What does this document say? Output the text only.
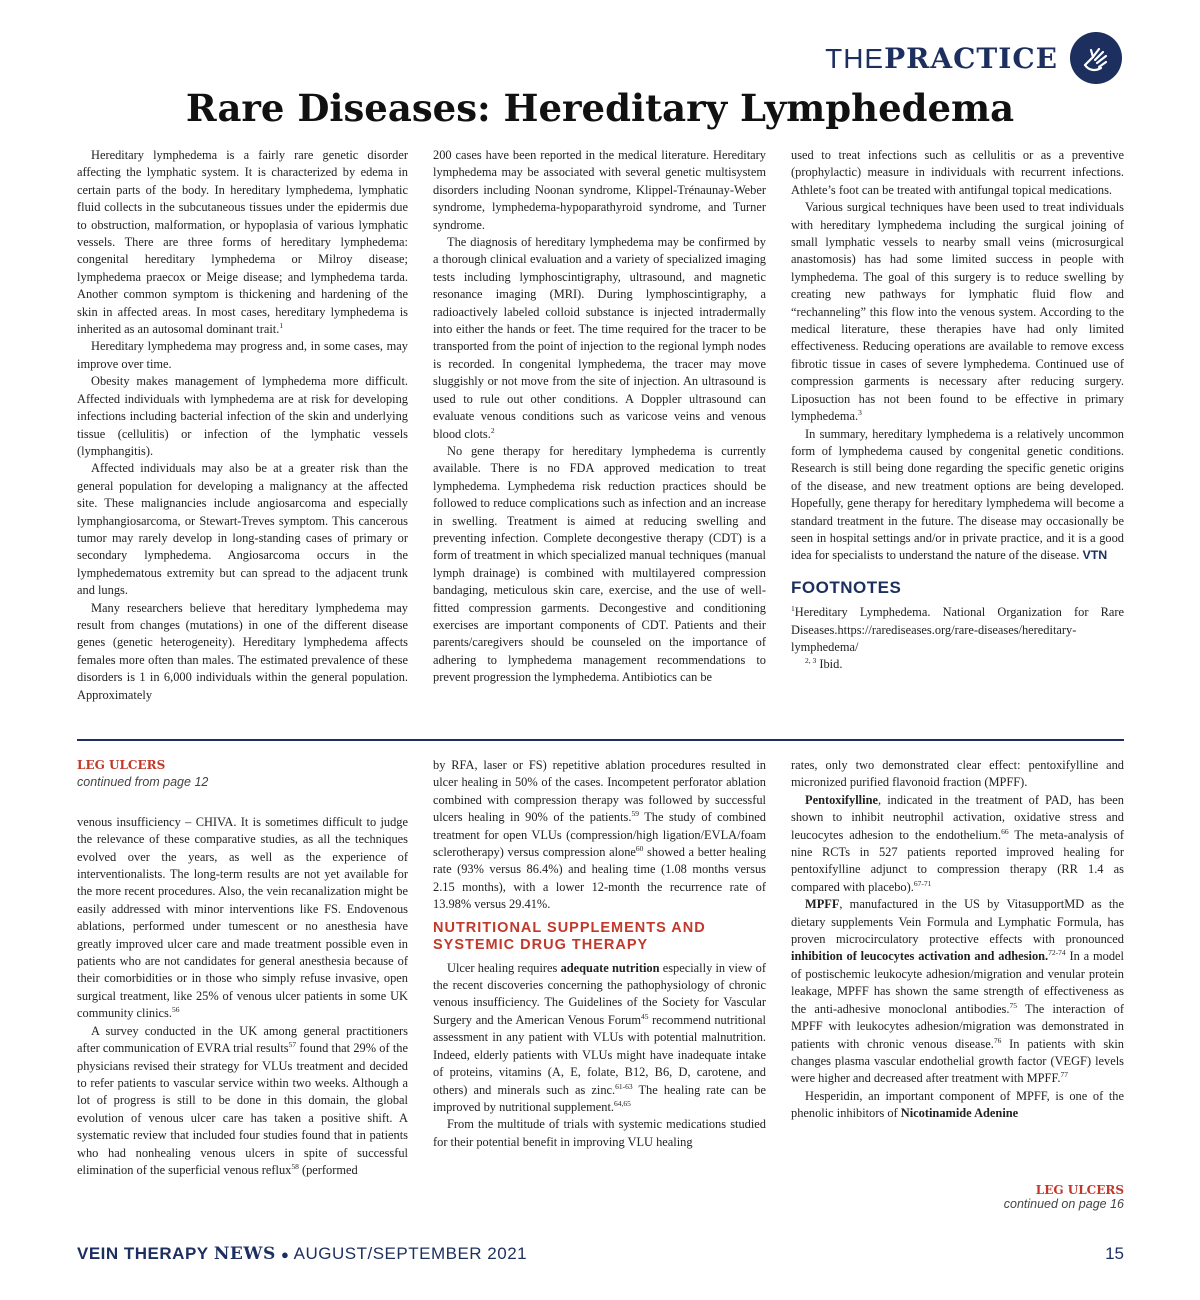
THEPRACTICE
Rare Diseases: Hereditary Lymphedema

Hereditary lymphedema is a fairly rare genetic disorder affecting the lymphatic system. It is characterized by edema in certain parts of the body. In hereditary lymphedema, lymphatic fluid collects in the subcutaneous tissues under the epidermis due to obstruction, malformation, or hypoplasia of various lymphatic vessels. There are three forms of hereditary lymphedema: congenital hereditary lymphedema or Milroy disease; lymphedema praecox or Meige disease; and lymphedema tarda. Another common symptom is thickening and hardening of the skin in affected areas. In most cases, hereditary lymphedema is inherited as an autosomal dominant trait.$^1$

Hereditary lymphedema may progress and, in some cases, may improve over time.

Obesity makes management of lymphedema more difficult. Affected individuals with lymphedema are at risk for developing infections including bacterial infection of the skin and underlying tissue (cellulitis) or infection of the lymphatic vessels (lymphangitis).

Affected individuals may also be at a greater risk than the general population for developing a malignancy at the affected site. These malignancies include angiosarcoma and especially lymphangiosarcoma, or Stewart-Treves symptom. This cancerous tumor may rarely develop in long-standing cases of primary or secondary lymphedema. Angiosarcoma occurs in the lymphedematous extremity but can spread to the adjacent trunk and lungs.

Many researchers believe that hereditary lymphedema may result from changes (mutations) in one of the different disease genes (genetic heterogeneity). Hereditary lymphedema affects females more often than males. The estimated prevalence of these disorders is 1 in 6,000 individuals within the general population. Approximately

200 cases have been reported in the medical literature. Hereditary lymphedema may be associated with several genetic multisystem disorders including Noonan syndrome, Klippel-Trénaunay-Weber syndrome, lymphedema-hypoparathyroid syndrome, and Turner syndrome.

The diagnosis of hereditary lymphedema may be confirmed by a thorough clinical evaluation and a variety of specialized imaging tests including lymphoscintigraphy, ultrasound, and magnetic resonance imaging (MRI). During lymphoscintigraphy, a radioactively labeled colloid substance is injected intradermally into either the hands or feet. The time required for the tracer to be transported from the point of injection to the regional lymph nodes is recorded. In congenital lymphedema, the tracer may move sluggishly or not move from the site of injection. An ultrasound is used to rule out other conditions. A Doppler ultrasound can evaluate venous conditions such as varicose veins and venous blood clots.$^2$

No gene therapy for hereditary lymphedema is currently available. There is no FDA approved medication to treat lymphedema. Lymphedema risk reduction practices should be followed to reduce complications such as infection and an increase in swelling. Treatment is aimed at reducing swelling and preventing infection. Complete decongestive therapy (CDT) is a form of treatment in which specialized manual techniques (manual lymph drainage) is combined with multilayered compression bandaging, meticulous skin care, exercise, and the use of well-fitted compression garments. Decongestive and conditioning exercises are important components of CDT. Patients and their parents/caregivers should be counseled on the importance of adhering to lymphedema management recommendations to prevent progression the lymphedema. Antibiotics can be

used to treat infections such as cellulitis or as a preventive (prophylactic) measure in individuals with recurrent infections. Athlete’s foot can be treated with antifungal topical medications.

Various surgical techniques have been used to treat individuals with hereditary lymphedema including the surgical joining of small lymphatic vessels to nearby small veins (microsurgical anastomosis) has had some limited success in people with lymphedema. The goal of this surgery is to reduce swelling by creating new pathways for lymphatic fluid flow and “rechanneling” this flow into the venous system. According to the medical literature, these therapies have had only limited effectiveness. Reducing operations are available to remove excess fibrotic tissue in cases of severe lymphedema. Continued use of compression garments is necessary after reducing surgery. Liposuction has not been found to be effective in primary lymphedema.$^3$

In summary, hereditary lymphedema is a relatively uncommon form of lymphedema caused by congenital genetic conditions. Research is still being done regarding the specific genetic origins of the disease, and new treatment options are being developed. Hopefully, gene therapy for hereditary lymphedema will become a standard treatment in the future. The disease may occasionally be seen in hospital settings and/or in private practice, and it is a good idea for specialists to understand the nature of the disease. VTN

FOOTNOTES

$^1$Hereditary Lymphedema. National Organization for Rare Diseases.https://rarediseases.org/rare-diseases/hereditary-lymphedema/

$^{2, 3}$ Ibid.

LEG ULCERS
continued from page 12

venous insufficiency – CHIVA. It is sometimes difficult to judge the relevance of these comparative studies, as all the techniques evolved over the years, as well as the experience of interventionalists. The long-term results are not yet available for the more recent procedures. Also, the vein recanalization might be easily addressed with minor interventions like FS. Endovenous ablations, performed under tumescent or no anesthesia have greatly improved ulcer care and made treatment possible even in patients who are not candidates for general anesthesia because of their comorbidities or in those who simply refuse invasive, open surgical treatment, like 25% of venous ulcer patients in some UK community clinics.$^{56}$

A survey conducted in the UK among general practitioners after communication of EVRA trial results$^{57}$ found that 29% of the physicians revised their strategy for VLUs treatment and decided to refer patients to vascular service within two weeks. Although a lot of progress is still to be done in this domain, the global evolution of venous ulcer care has taken a positive shift. A systematic review that included four studies found that in patients who had nonhealing venous ulcers in spite of successful elimination of the superficial venous reflux$^{58}$ (performed

by RFA, laser or FS) repetitive ablation procedures resulted in ulcer healing in 50% of the cases. Incompetent perforator ablation combined with compression therapy was followed by successful ulcers healing in 90% of the patients.$^{59}$ The study of combined treatment for open VLUs (compression/high ligation/EVLA/foam sclerotherapy) versus compression alone$^{60}$ showed a better healing rate (93% versus 86.4%) and healing time (1.08 months versus 2.15 months), with a lower 12-month the recurrence rate of 13.98% versus 29.41%.

NUTRITIONAL SUPPLEMENTS AND SYSTEMIC DRUG THERAPY

Ulcer healing requires adequate nutrition especially in view of the recent discoveries concerning the pathophysiology of chronic venous insufficiency. The Guidelines of the Society for Vascular Surgery and the American Venous Forum$^{45}$ recommend nutritional assessment in any patient with VLUs with potential malnutrition. Indeed, elderly patients with VLUs might have inadequate intake of proteins, vitamins (A, E, folate, B12, B6, D, carotene, and others) and minerals such as zinc.$^{61-63}$ The healing rate can be improved by nutritional supplement.$^{64,65}$

From the multitude of trials with systemic medications studied for their potential benefit in improving VLU healing

rates, only two demonstrated clear effect: pentoxifylline and micronized purified flavonoid fraction (MPFF).

Pentoxifylline, indicated in the treatment of PAD, has been shown to inhibit neutrophil activation, oxidative stress and leucocytes adhesion to the endothelium.$^{66}$ The meta-analysis of nine RCTs in 527 patients reported improved healing for pentoxifylline adjunct to compression therapy (RR 1.4 as compared with placebo).$^{67-71}$

MPFF, manufactured in the US by VitasupportMD as the dietary supplements Vein Formula and Lymphatic Formula, has proven microcirculatory protective effects with pronounced inhibition of leucocytes activation and adhesion.$^{72-74}$ In a model of postischemic leukocyte adhesion/migration and venular protein leakage, MPFF has shown the same strength of effectiveness as the anti-adhesive monoclonal antibodies.$^{75}$ The interaction of MPFF with leukocytes adhesion/migration was demonstrated in patients with chronic venous disease.$^{76}$ In patients with skin changes plasma vascular endothelial growth factor (VEGF) levels were higher and decreased after treatment with MPFF.$^{77}$

Hesperidin, an important component of MPFF, is one of the phenolic inhibitors of Nicotinamide Adenine

LEG ULCERS
continued on page 16
VEIN THERAPY NEWS ● AUGUST/SEPTEMBER 2021	15
